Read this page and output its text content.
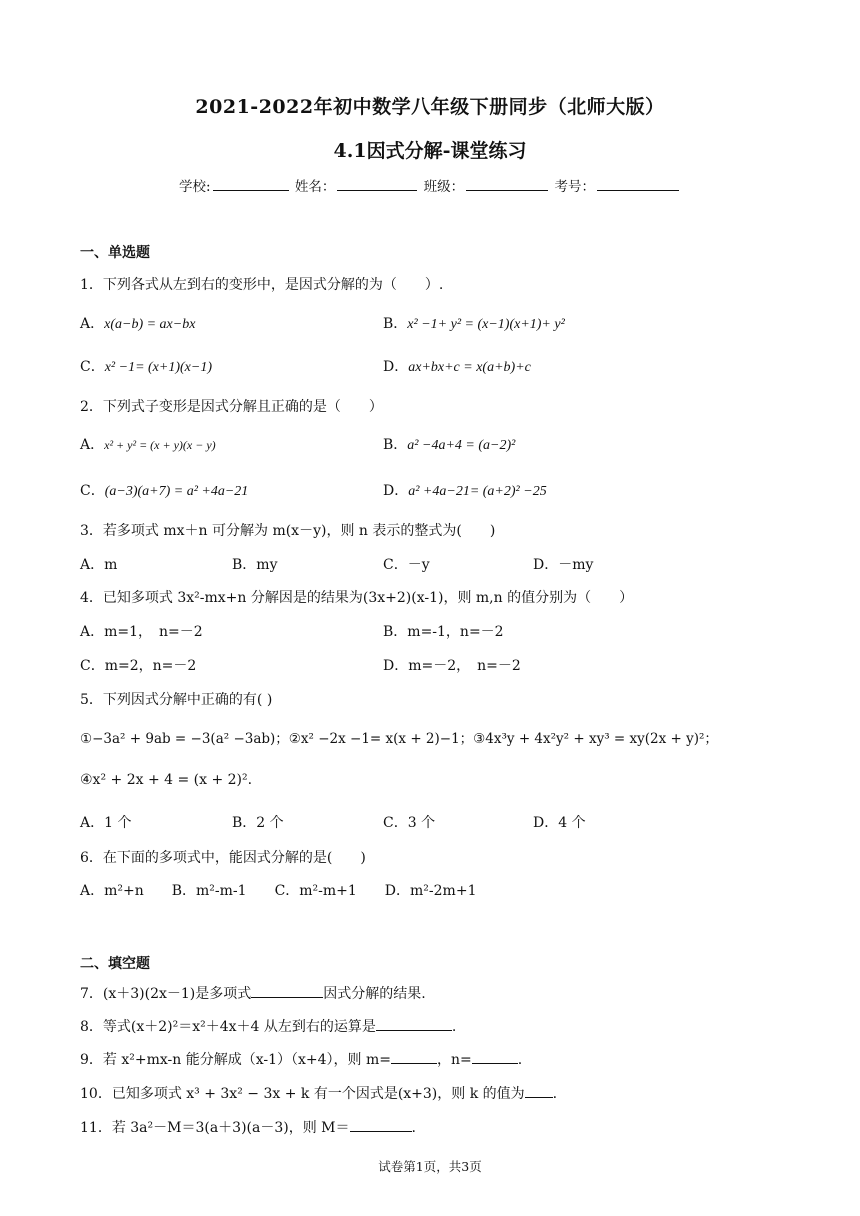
2021-2022年初中数学八年级下册同步（北师大版）
4.1因式分解-课堂练习
学校:	姓名：	班级：	考号：
一、单选题
1．下列各式从左到右的变形中，是因式分解的为（　　）.
A．x(a−b) = ax−bx	B．x² −1+ y² = (x−1)(x+1)+ y²
C．x² −1= (x+1)(x−1)	D．ax+bx+c = x(a+b)+c
2．下列式子变形是因式分解且正确的是（　　）
A．x² + y² = (x + y)(x − y)	B．a² −4a+4 = (a−2)²
C．(a−3)(a+7) = a² +4a−21	D．a² +4a−21= (a+2)² −25
3．若多项式 mx＋n 可分解为 m(x－y)，则 n 表示的整式为(　　)
A．m	B．my	C．－y	D．－my
4．已知多项式 3x²-mx+n 分解因是的结果为(3x+2)(x-1)，则 m,n 的值分别为（　　）
A．m=1，　n=－2	B．m=-1，n=－2
C．m=2，n=－2	D．m=－2，　n=－2
5．下列因式分解中正确的有( )
①−3a² + 9ab = −3(a² −3ab)；②x² −2x −1= x(x + 2)−1；③4x³y + 4x²y² + xy³ = xy(2x + y)²；
④x² + 2x + 4 = (x + 2)².
A．1 个	B．2 个	C．3 个	D．4 个
6．在下面的多项式中，能因式分解的是(　　)
A．m²+n　　B．m²-m-1　　C．m²-m+1　　D．m²-2m+1
二、填空题
7．(x＋3)(2x－1)是多项式	因式分解的结果.
8．等式(x＋2)²＝x²＋4x＋4 从左到右的运算是	.
9．若 x²+mx-n 能分解成（x-1）（x+4），则 m=	，n=	.
10．已知多项式 x³ + 3x² − 3x + k 有一个因式是(x+3)，则 k 的值为 .
11．若 3a²－M＝3(a＋3)(a－3)，则 M＝	.
试卷第1页，共3页
